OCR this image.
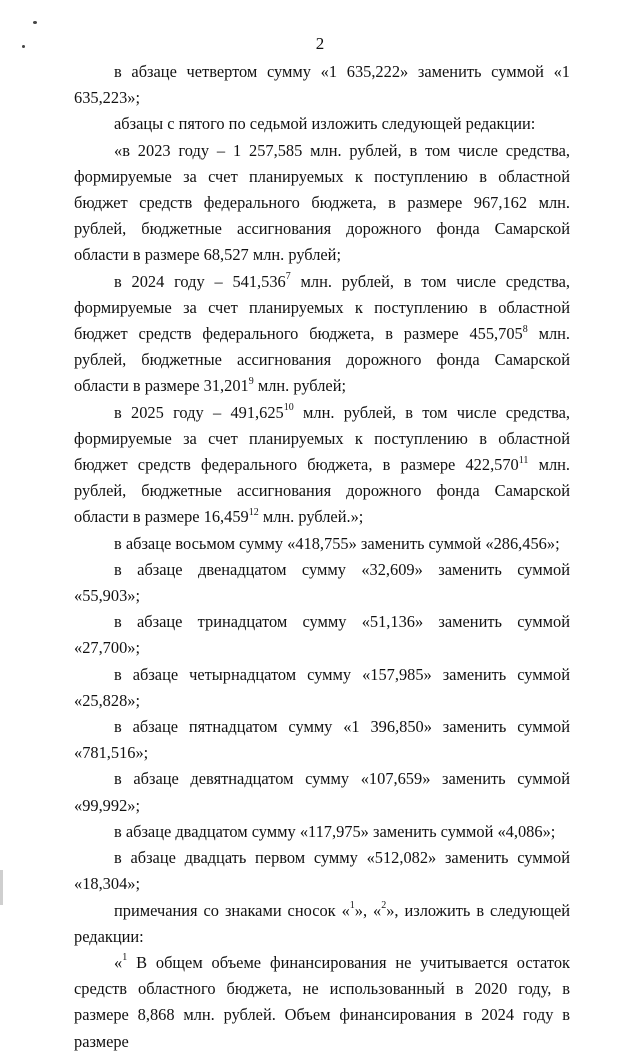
2

в абзаце четвертом сумму «1 635,222» заменить суммой «1 635,223»;

абзацы с пятого по седьмой изложить следующей редакции:

«в 2023 году – 1 257,585 млн. рублей, в том числе средства, формируемые за счет планируемых к поступлению в областной бюджет средств федерального бюджета, в размере 967,162 млн. рублей, бюджетные ассигнования дорожного фонда Самарской области в размере 68,527 млн. рублей;

в 2024 году – 541,536$^7$ млн. рублей, в том числе средства, формируемые за счет планируемых к поступлению в областной бюджет средств федерального бюджета, в размере 455,705$^8$ млн. рублей, бюджетные ассигнования дорожного фонда Самарской области в размере 31,201$^9$ млн. рублей;

в 2025 году – 491,625$^{10}$ млн. рублей, в том числе средства, формируемые за счет планируемых к поступлению в областной бюджет средств федерального бюджета, в размере 422,570$^{11}$ млн. рублей, бюджетные ассигнования дорожного фонда Самарской области в размере 16,459$^{12}$ млн. рублей.»;

в абзаце восьмом сумму «418,755» заменить суммой «286,456»;

в абзаце двенадцатом сумму «32,609» заменить суммой «55,903»;

в абзаце тринадцатом сумму «51,136» заменить суммой «27,700»;

в абзаце четырнадцатом сумму «157,985» заменить суммой «25,828»;

в абзаце пятнадцатом сумму «1 396,850» заменить суммой «781,516»;

в абзаце девятнадцатом сумму «107,659» заменить суммой «99,992»;

в абзаце двадцатом сумму «117,975» заменить суммой «4,086»;

в абзаце двадцать первом сумму «512,082» заменить суммой «18,304»;

примечания со знаками сносок «$^1$», «$^2$», изложить в следующей редакции:

«$^1$ В общем объеме финансирования не учитывается остаток средств областного бюджета, не использованный в 2020 году, в размере 8,868 млн. рублей. Объем финансирования в 2024 году в размере
